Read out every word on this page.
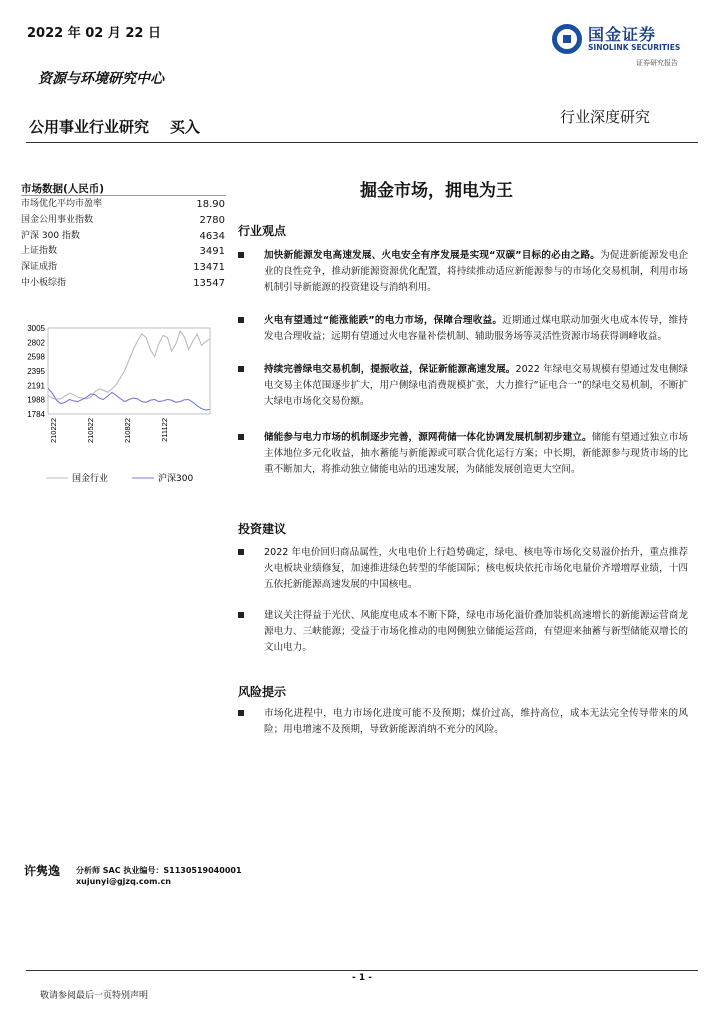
2022 年 02 月 22 日	国金证券
SINOLINK SECURITIES
证券研究报告
资源与环境研究中心
公用事业行业研究    买入
行业深度研究
市场数据(人民币)
市场优化平均市盈率	18.90
国金公用事业指数	2780
沪深 300 指数	4634
上证指数	3491
深证成指	13471
中小板综指	13547
3005
2802
2598
2395
2191
1988
1784
210222	210522	210822	211122
国金行业	沪深300
掘金市场，拥电为王
行业观点
加快新能源发电高速发展、火电安全有序发展是实现“双碳”目标的必由之路。为促进新能源发电企业的良性竞争，推动新能源资源优化配置，将持续推动适应新能源参与的市场化交易机制，利用市场机制引导新能源的投资建设与消纳利用。
火电有望通过“能涨能跌”的电力市场，保障合理收益。近期通过煤电联动加强火电成本传导，维持发电合理收益；远期有望通过火电容量补偿机制、辅助服务场等灵活性资源市场获得调峰收益。
持续完善绿电交易机制，提振收益，保证新能源高速发展。2022 年绿电交易规模有望通过发电侧绿电交易主体范围逐步扩大，用户侧绿电消费规模扩张，大力推行“证电合一”的绿电交易机制，不断扩大绿电市场化交易份额。
储能参与电力市场的机制逐步完善，源网荷储一体化协调发展机制初步建立。储能有望通过独立市场主体地位多元化收益，抽水蓄能与新能源或可联合优化运行方案；中长期，新能源参与现货市场的比重不断加大，将推动独立储能电站的迅速发展，为储能发展创造更大空间。
投资建议
2022 年电价回归商品属性，火电电价上行趋势确定，绿电、核电等市场化交易溢价抬升，重点推荐火电板块业绩修复，加速推进绿色转型的华能国际；核电板块依托市场化电量价齐增增厚业绩，十四五依托新能源高速发展的中国核电。
建议关注得益于光伏、风能度电成本不断下降，绿电市场化溢价叠加装机高速增长的新能源运营商龙源电力、三峡能源；受益于市场化推动的电网侧独立储能运营商，有望迎来抽蓄与新型储能双增长的文山电力。
风险提示
市场化进程中，电力市场化进度可能不及预期；煤价过高，维持高位，成本无法完全传导带来的风险；用电增速不及预期，导致新能源消纳不充分的风险。
许隽逸 分析师 SAC 执业编号：S1130519040001
xujunyi@gjzq.com.cn
- 1 -
敬请参阅最后一页特别声明
